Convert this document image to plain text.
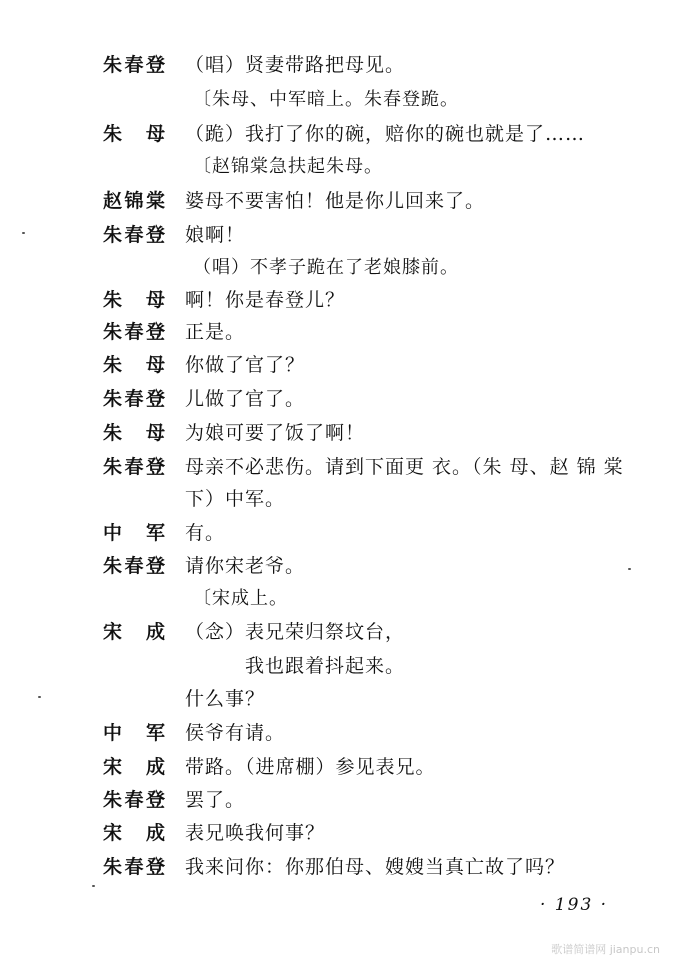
朱春登 （唱）贤妻带路把母见。
〔朱母、中军暗上。朱春登跪。
朱　母 （跪）我打了你的碗，赔你的碗也就是了……
〔赵锦棠急扶起朱母。
赵锦棠 婆母不要害怕！他是你儿回来了。
朱春登 娘啊！
（唱）不孝子跪在了老娘膝前。
朱　母 啊！你是春登儿？
朱春登 正是。
朱　母 你做了官了？
朱春登 儿做了官了。
朱　母 为娘可要了饭了啊！
朱春登 母亲不必悲伤。请到下面更 衣。（朱 母、赵 锦 棠
下）中军。
中　军 有。
朱春登 请你宋老爷。
〔宋成上。
宋　成 （念）表兄荣归祭坟台，
我也跟着抖起来。
什么事？
中　军 侯爷有请。
宋　成 带路。（进席棚）参见表兄。
朱春登 罢了。
宋　成 表兄唤我何事？
朱春登 我来问你：你那伯母、嫂嫂当真亡故了吗？
· 193 ·
歌谱简谱网 jianpu.cn
